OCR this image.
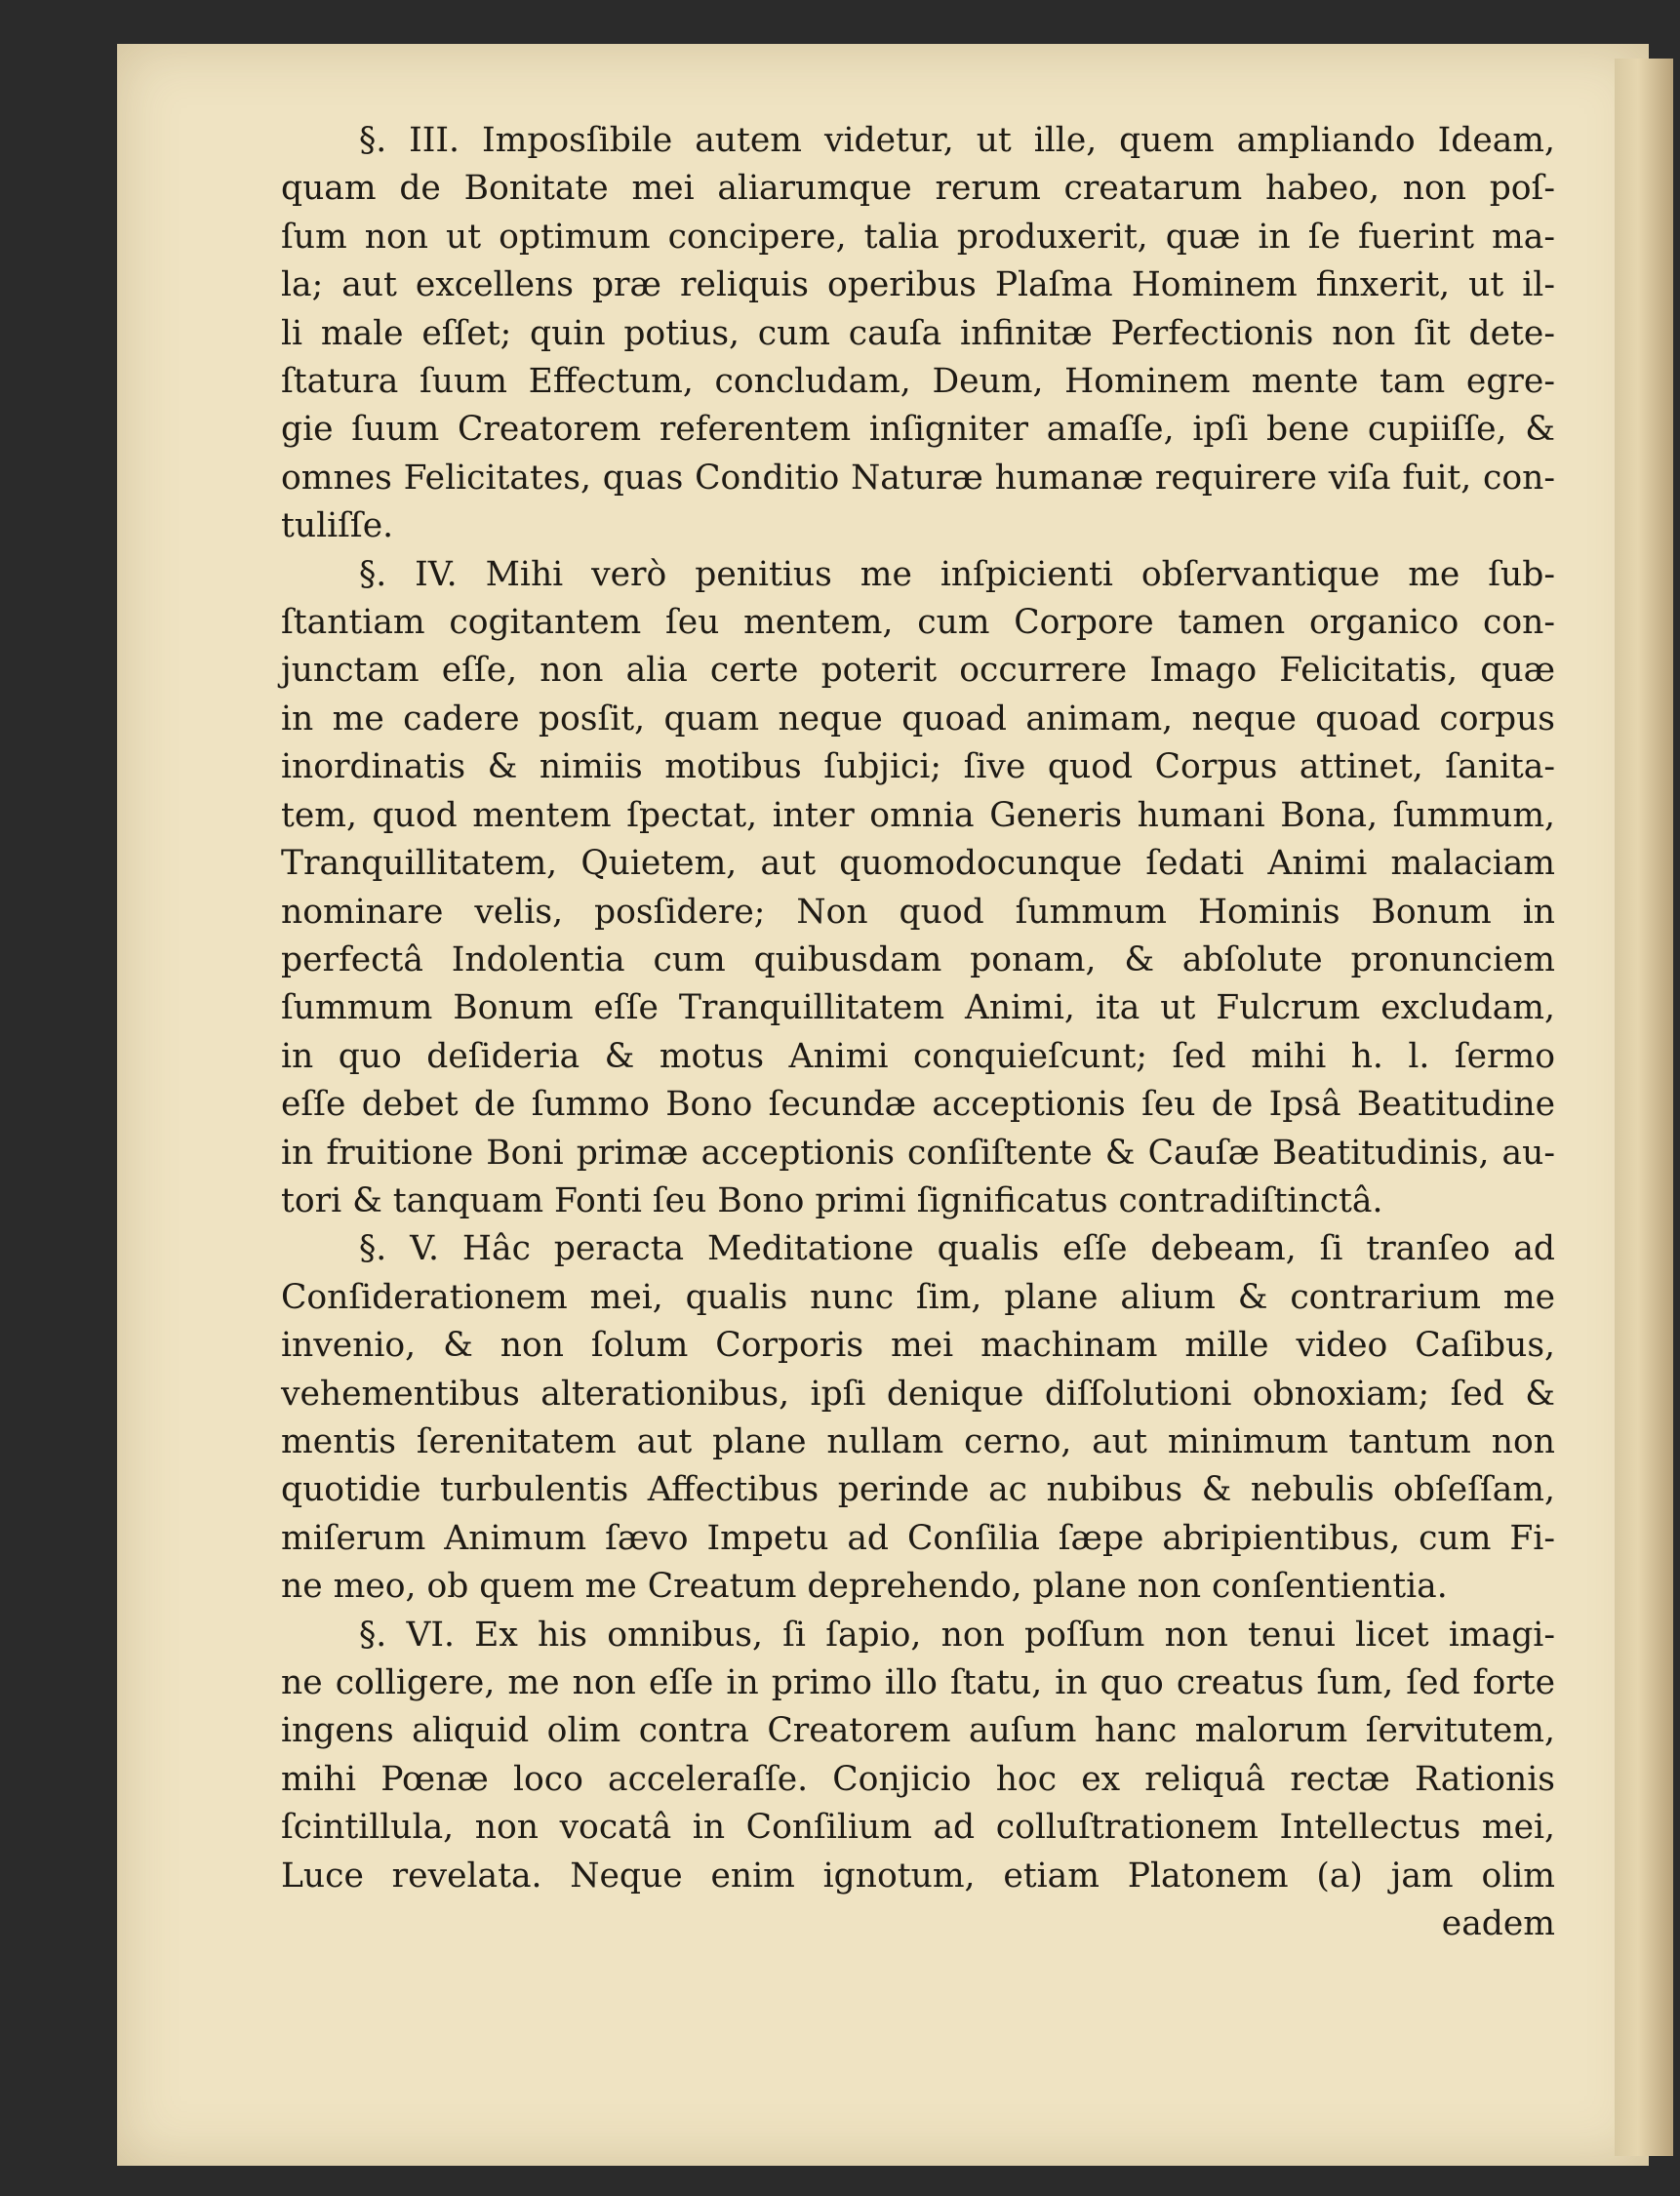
§. III. Imposſibile autem videtur, ut ille, quem ampliando Ideam,
quam de Bonitate mei aliarumque rerum creatarum habeo, non poſ-
ſum non ut optimum concipere, talia produxerit, quæ in ſe fuerint ma-
la; aut excellens præ reliquis operibus Plaſma Hominem finxerit, ut il-
li male eſſet; quin potius, cum cauſa infinitæ Perfectionis non ſit dete-
ſtatura ſuum Effectum, concludam, Deum, Hominem mente tam egre-
gie ſuum Creatorem referentem inſigniter amaſſe, ipſi bene cupiiſſe, &
omnes Felicitates, quas Conditio Naturæ humanæ requirere viſa fuit, con-
tuliſſe.
§. IV. Mihi verò penitius me inſpicienti obſervantique me ſub-
ſtantiam cogitantem ſeu mentem, cum Corpore tamen organico con-
junctam eſſe, non alia certe poterit occurrere Imago Felicitatis, quæ
in me cadere posſit, quam neque quoad animam, neque quoad corpus
inordinatis & nimiis motibus ſubjici; ſive quod Corpus attinet, ſanita-
tem, quod mentem ſpectat, inter omnia Generis humani Bona, ſummum,
Tranquillitatem, Quietem, aut quomodocunque ſedati Animi malaciam
nominare velis, posſidere; Non quod ſummum Hominis Bonum in
perfectâ Indolentia cum quibusdam ponam, & abſolute pronunciem
ſummum Bonum eſſe Tranquillitatem Animi, ita ut Fulcrum excludam,
in quo deſideria & motus Animi conquieſcunt; ſed mihi h. l. ſermo
eſſe debet de ſummo Bono ſecundæ acceptionis ſeu de Ipsâ Beatitudine
in fruitione Boni primæ acceptionis conſiſtente & Cauſæ Beatitudinis, au-
tori & tanquam Fonti ſeu Bono primi ſignificatus contradiſtinctâ.
§. V. Hâc peracta Meditatione qualis eſſe debeam, ſi tranſeo ad
Conſiderationem mei, qualis nunc ſim, plane alium & contrarium me
invenio, & non ſolum Corporis mei machinam mille video Caſibus,
vehementibus alterationibus, ipſi denique diſſolutioni obnoxiam; ſed &
mentis ſerenitatem aut plane nullam cerno, aut minimum tantum non
quotidie turbulentis Affectibus perinde ac nubibus & nebulis obſeſſam,
miſerum Animum ſævo Impetu ad Conſilia ſæpe abripientibus, cum Fi-
ne meo, ob quem me Creatum deprehendo, plane non conſentientia.
§. VI. Ex his omnibus, ſi ſapio, non poſſum non tenui licet imagi-
ne colligere, me non eſſe in primo illo ſtatu, in quo creatus ſum, ſed forte
ingens aliquid olim contra Creatorem auſum hanc malorum ſervitutem,
mihi Pœnæ loco acceleraſſe. Conjicio hoc ex reliquâ rectæ Rationis
ſcintillula, non vocatâ in Conſilium ad colluſtrationem Intellectus mei,
Luce revelata. Neque enim ignotum, etiam Platonem (a) jam olim
eadem
